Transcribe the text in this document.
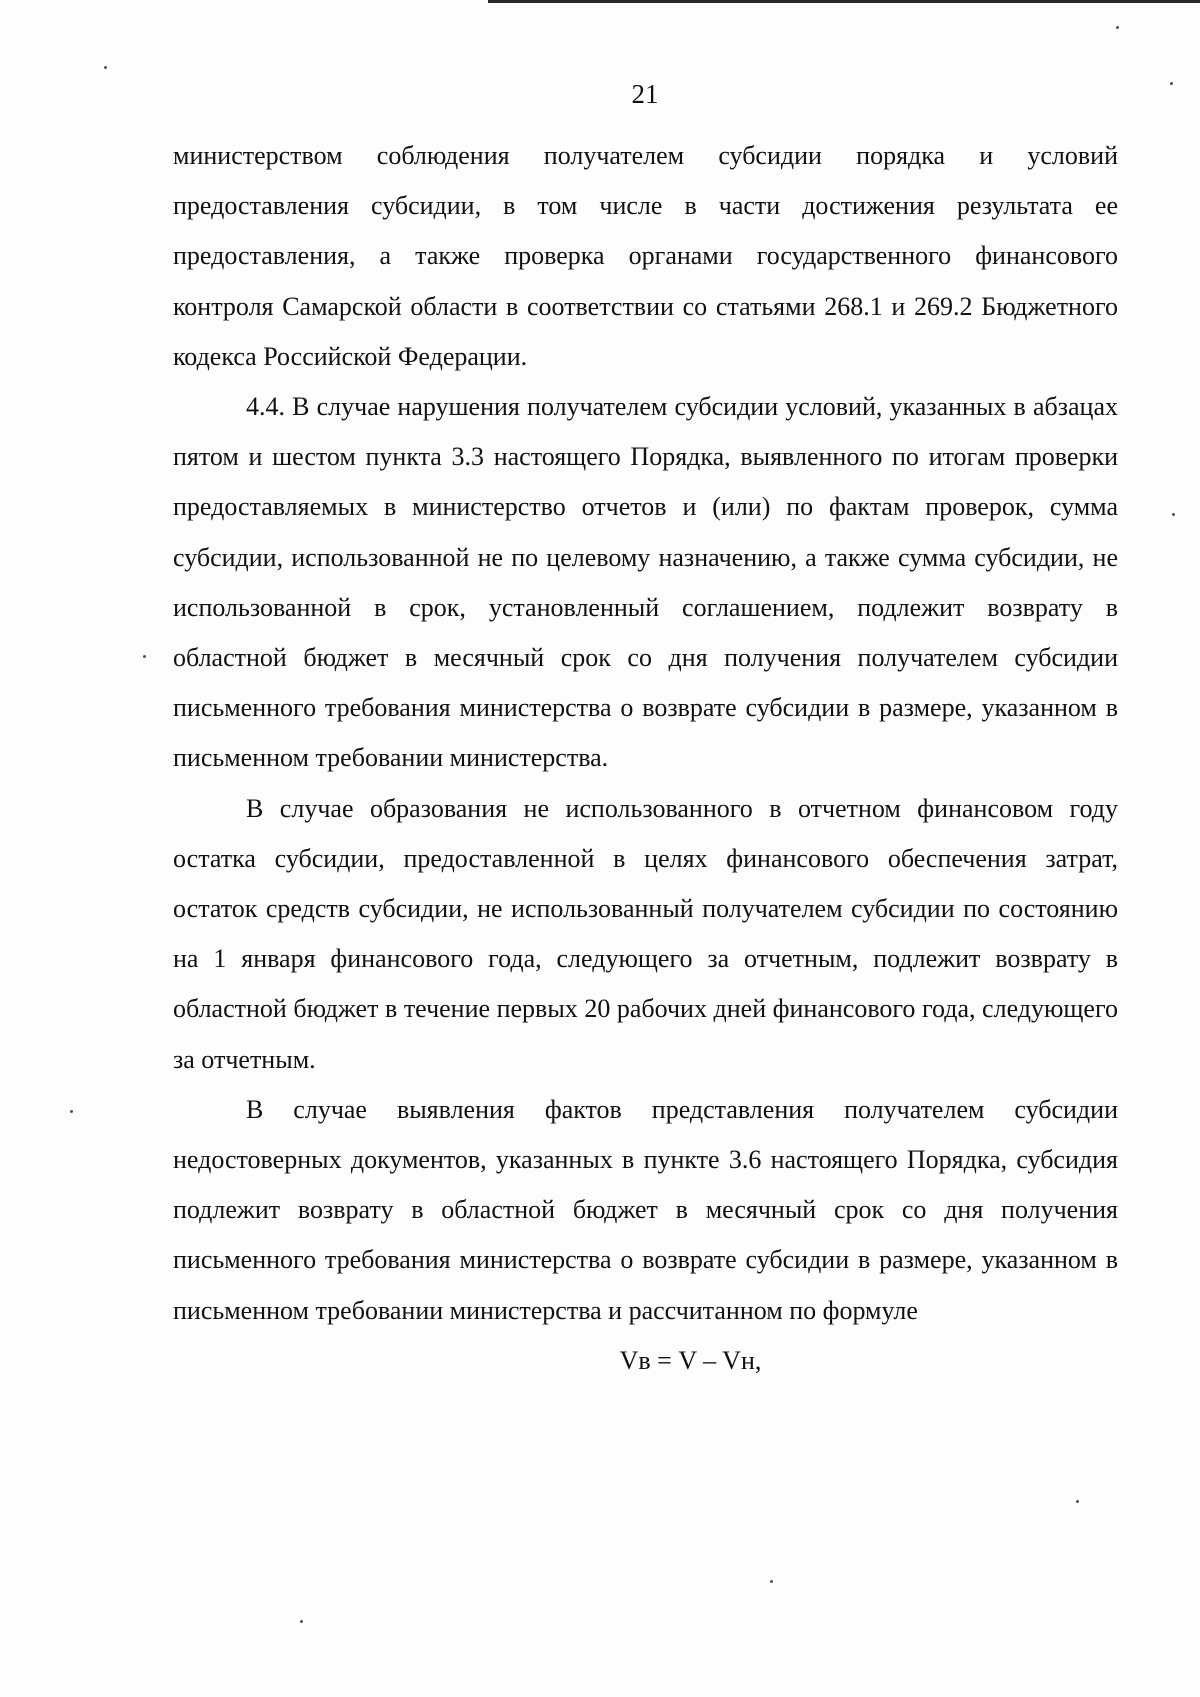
21

министерством соблюдения получателем субсидии порядка и условий предоставления субсидии, в том числе в части достижения результата ее предоставления, а также проверка органами государственного финансового контроля Самарской области в соответствии со статьями 268.1 и 269.2 Бюджетного кодекса Российской Федерации.

4.4. В случае нарушения получателем субсидии условий, указанных в абзацах пятом и шестом пункта 3.3 настоящего Порядка, выявленного по итогам проверки предоставляемых в министерство отчетов и (или) по фактам проверок, сумма субсидии, использованной не по целевому назначению, а также сумма субсидии, не использованной в срок, установленный соглашением, подлежит возврату в областной бюджет в месячный срок со дня получения получателем субсидии письменного требования министерства о возврате субсидии в размере, указанном в письменном требовании министерства.

В случае образования не использованного в отчетном финансовом году остатка субсидии, предоставленной в целях финансового обеспечения затрат, остаток средств субсидии, не использованный получателем субсидии по состоянию на 1 января финансового года, следующего за отчетным, подлежит возврату в областной бюджет в течение первых 20 рабочих дней финансового года, следующего за отчетным.

В случае выявления фактов представления получателем субсидии недостоверных документов, указанных в пункте 3.6 настоящего Порядка, субсидия подлежит возврату в областной бюджет в месячный срок со дня получения письменного требования министерства о возврате субсидии в размере, указанном в письменном требовании министерства и рассчитанном по формуле

Vв = V – Vн,
